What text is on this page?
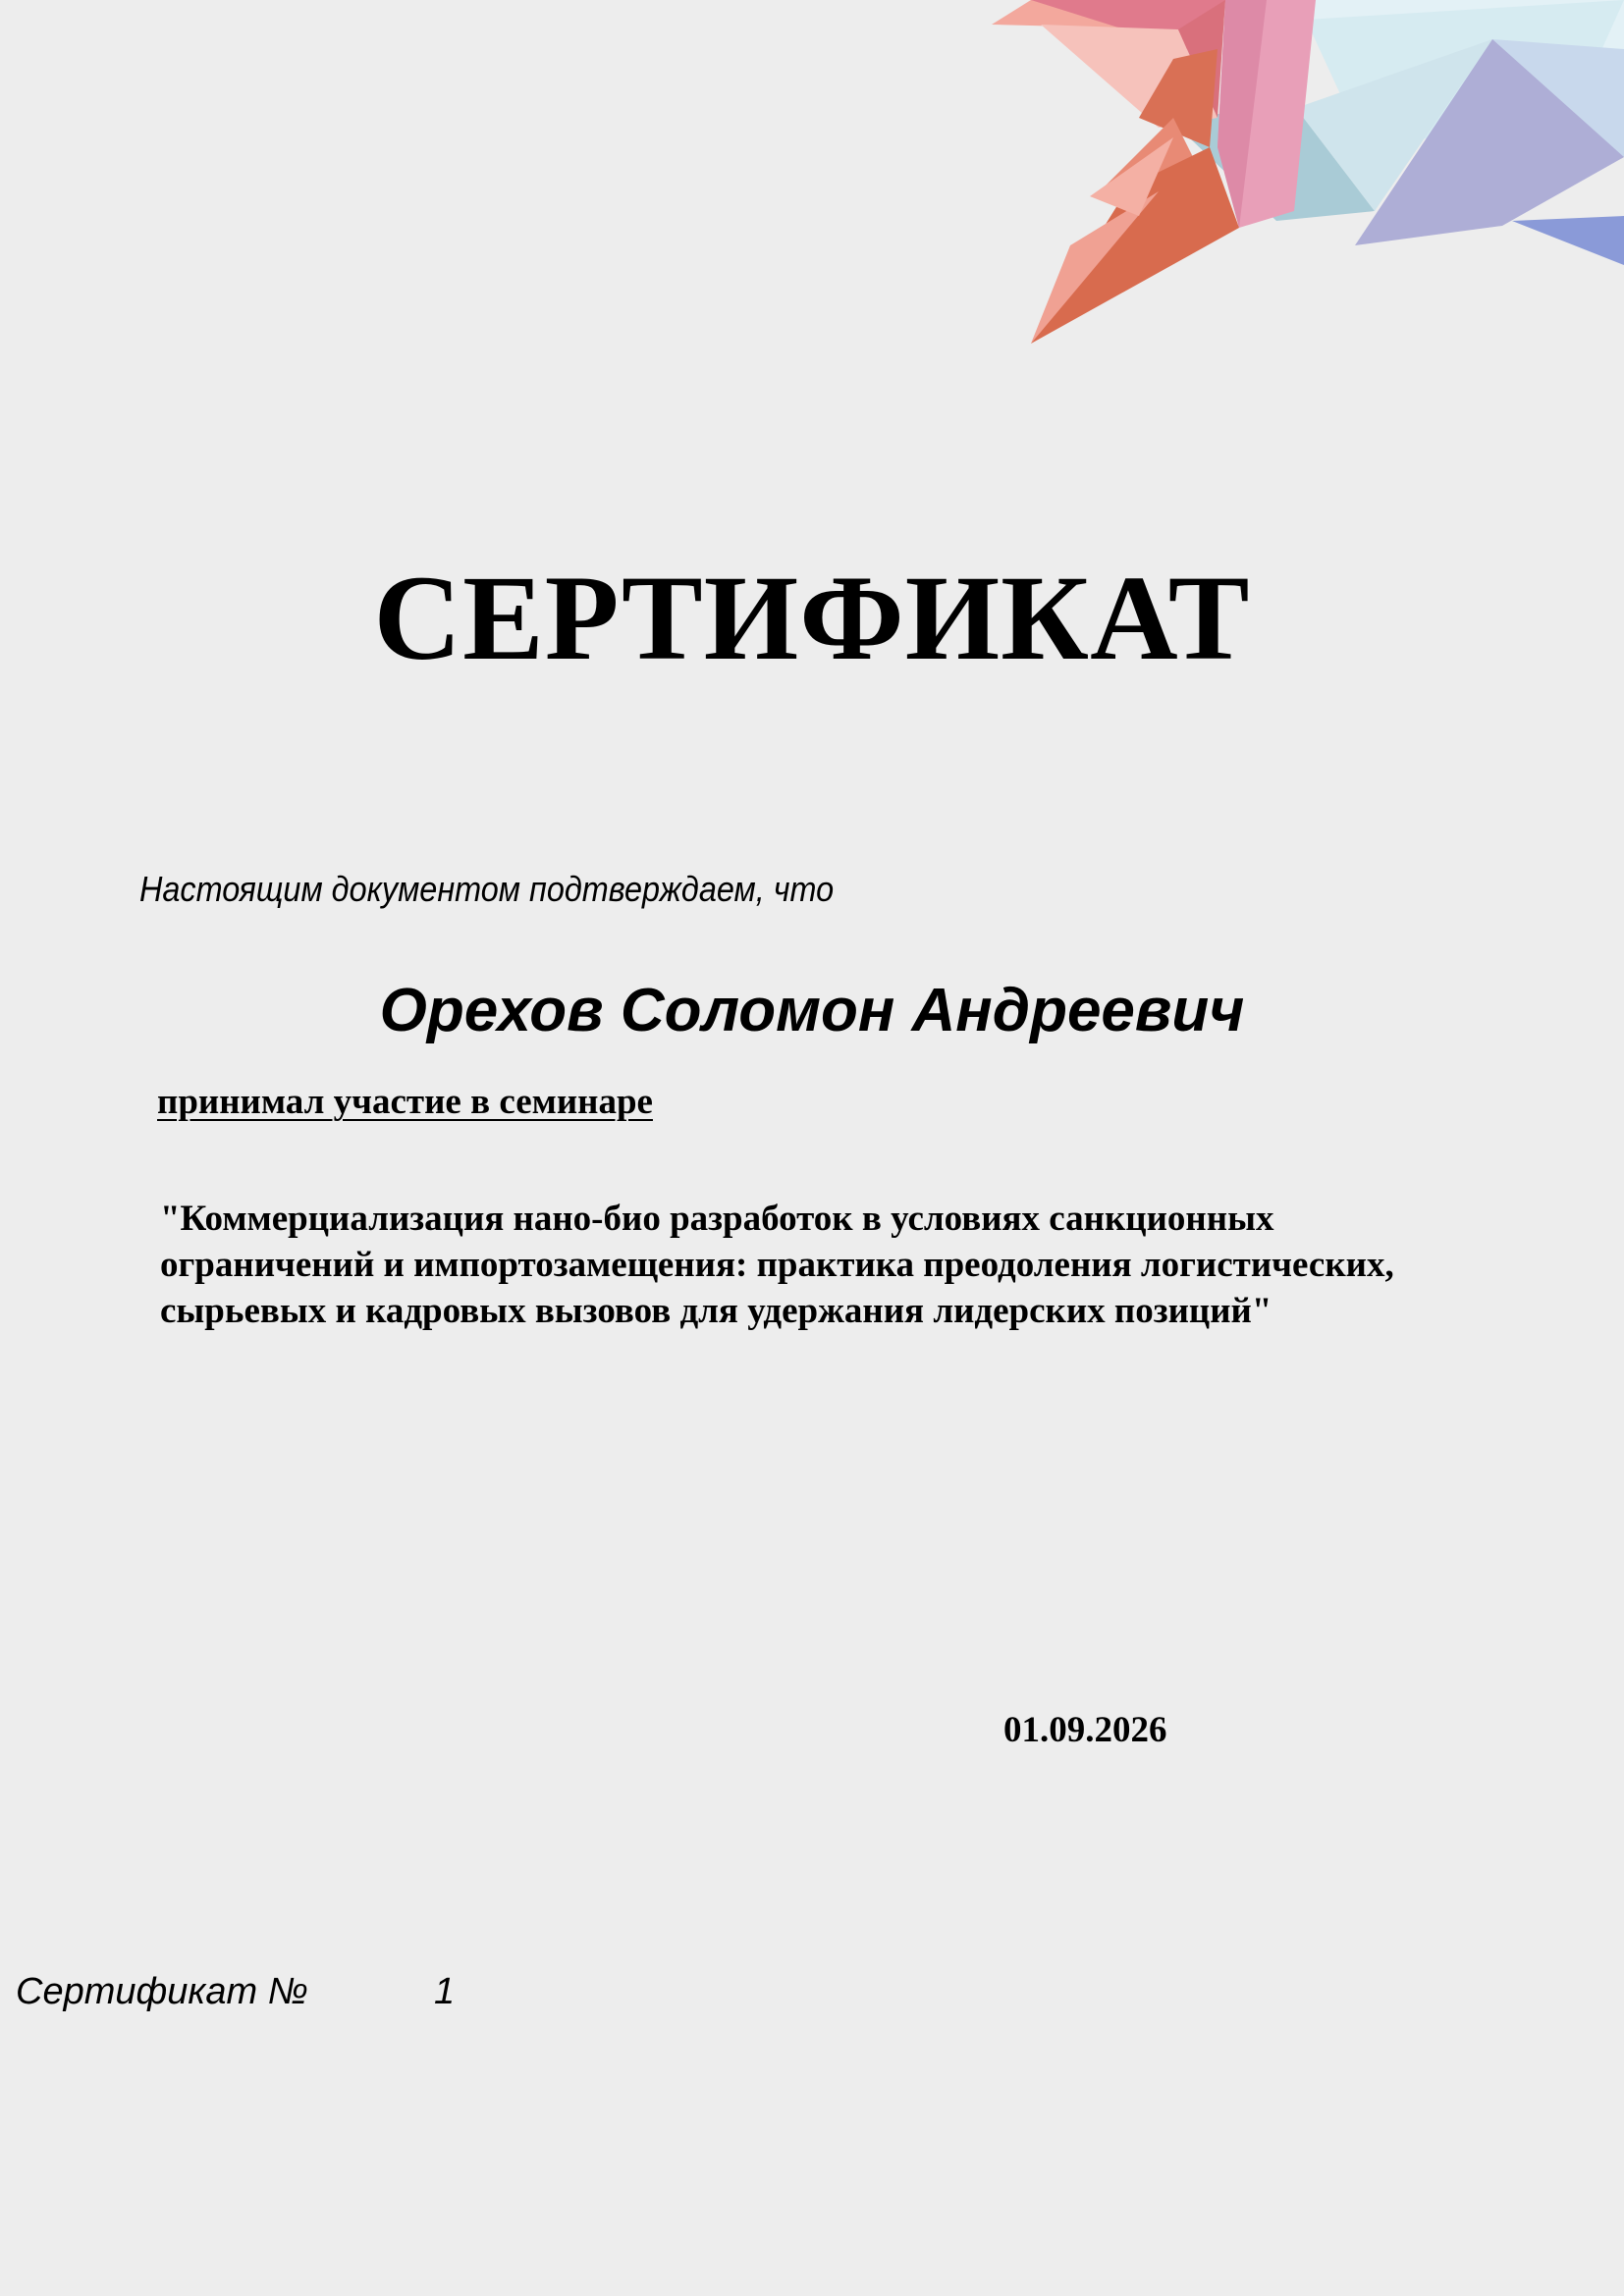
СЕРТИФИКАТ
Настоящим документом подтверждаем, что
Орехов Соломон Андреевич
принимал участие в семинаре
"Коммерциализация нано-био разработок в условиях санкционных ограничений и импортозамещения: практика преодоления логистических, сырьевых и кадровых вызовов для удержания лидерских позиций"
01.09.2026
Сертификат №	1
